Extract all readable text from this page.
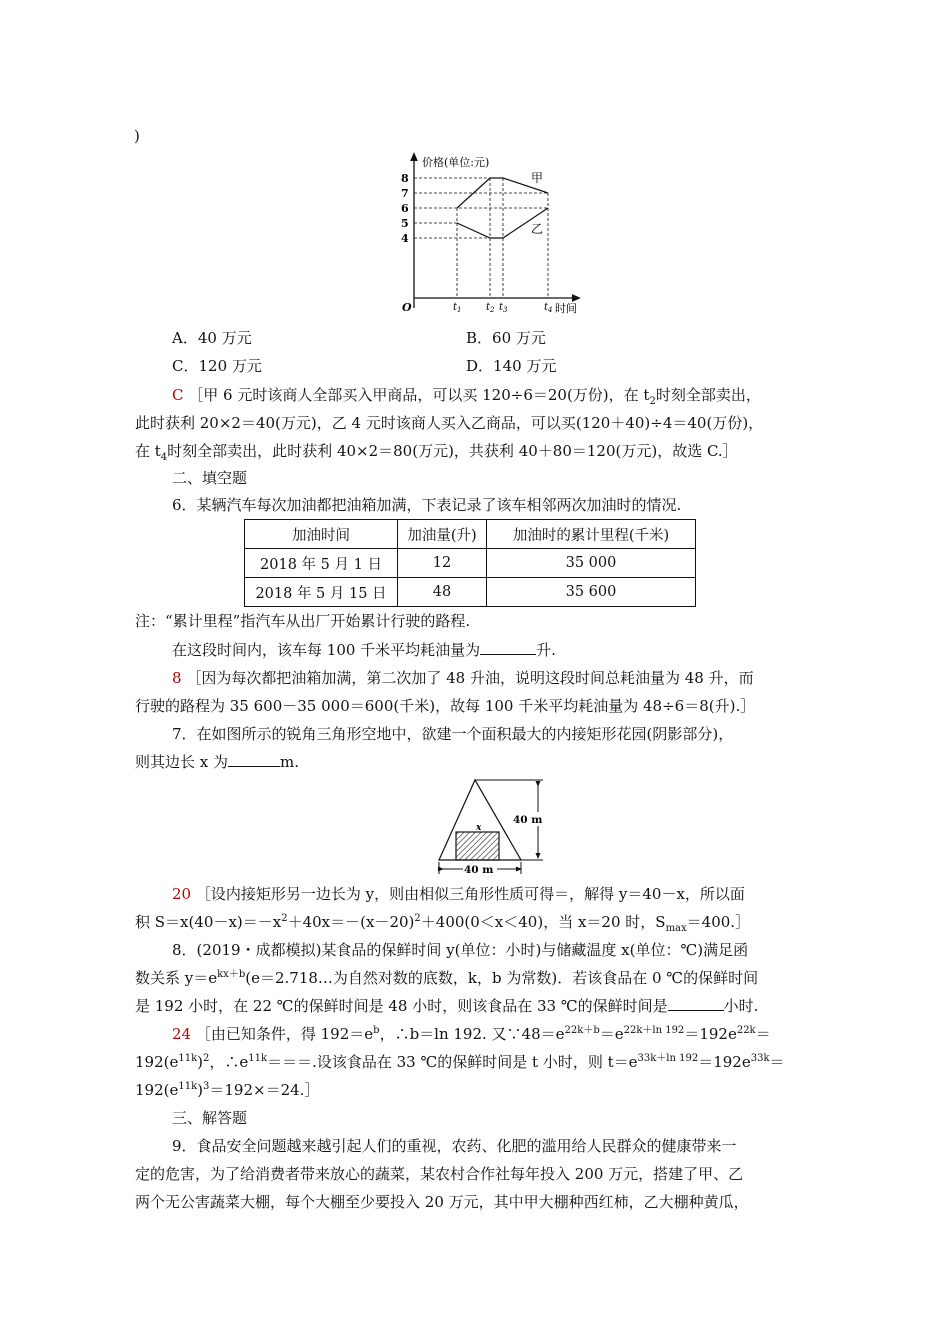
)
价格(单位:元)
O	时间
4
5
6
7
8
$t_1$ $t_2$ $t_3$	$t_4$
甲
乙
A．40 万元	B．60 万元
C．120 万元	D．140 万元
C ［甲 6 元时该商人全部买入甲商品，可以买 120÷6＝20(万份)，在 $t_2$时刻全部卖出，
此时获利 20×2＝40(万元)，乙 4 元时该商人买入乙商品，可以买(120＋40)÷4＝40(万份)，
在 $t_4$时刻全部卖出，此时获利 40×2＝80(万元)，共获利 40＋80＝120(万元)，故选 C.］
二、填空题
6．某辆汽车每次加油都把油箱加满，下表记录了该车相邻两次加油时的情况.
加油时间	加油量(升)	加油时的累计里程(千米)
2018 年 5 月 1 日	12	35 000
2018 年 5 月 15 日	48	35 600
注：“累计里程”指汽车从出厂开始累计行驶的路程.
在这段时间内，该车每 100 千米平均耗油量为	升.
8 ［因为每次都把油箱加满，第二次加了 48 升油，说明这段时间总耗油量为 48 升，而
行驶的路程为 35 600－35 000＝600(千米)，故每 100 千米平均耗油量为 48÷6＝8(升).］
7．在如图所示的锐角三角形空地中，欲建一个面积最大的内接矩形花园(阴影部分)，
则其边长 x 为	m.
40 m
x
40 m
20 ［设内接矩形另一边长为 y，则由相似三角形性质可得＝，解得 y＝40－x，所以面
积 $S=x(40-x)=-x^2+40x=-(x-20)^2+400(0<x<40)$，当 x＝20 时，$S_{max}=400.]$
8．(2019・成都模拟)某食品的保鲜时间 y(单位：小时)与储藏温度 x(单位：℃)满足函
数关系 $y=e^{kx+b}(e=2.718\dots$为自然对数的底数，k，b 为常数)．若该食品在 0 ℃的保鲜时间
是 192 小时，在 22 ℃的保鲜时间是 48 小时，则该食品在 33 ℃的保鲜时间是	小时.
24 ［由已知条件，得 $192=e^b$，∴b＝ln 192. 又$\because 48=e^{22k+b}=e^{22k+ln 192}=192e^{22k}=$
$192(e^{11k})^2$，$\therefore e^{11k}===$.设该食品在 33 ℃的保鲜时间是 t 小时，则 $t=e^{33k+ln 192}=192e^{33k}=$
$192(e^{11k})^3=192\times=24.]$
三、解答题
9．食品安全问题越来越引起人们的重视，农药、化肥的滥用给人民群众的健康带来一
定的危害，为了给消费者带来放心的蔬菜，某农村合作社每年投入 200 万元，搭建了甲、乙
两个无公害蔬菜大棚，每个大棚至少要投入 20 万元，其中甲大棚种西红柿，乙大棚种黄瓜，
